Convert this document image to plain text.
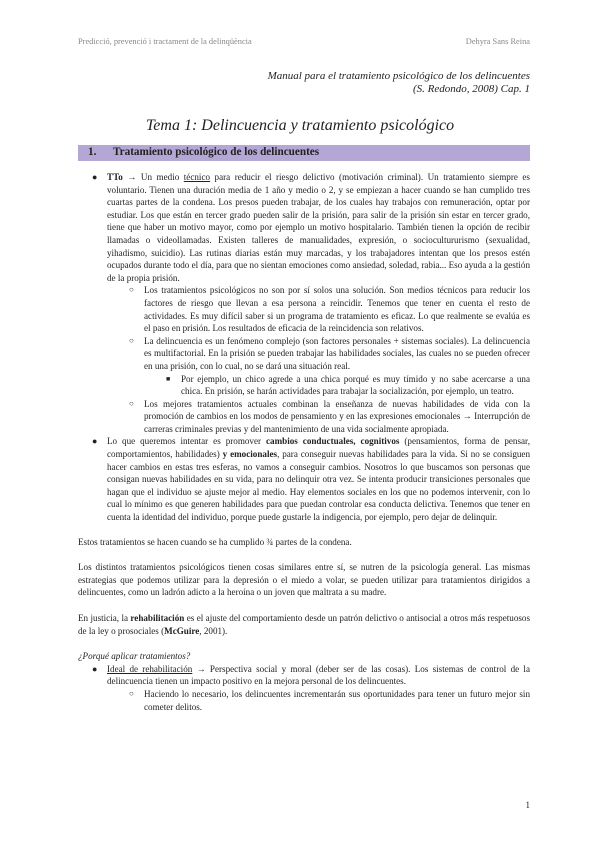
Predicció, prevenció i tractament de la delinqüència	Dehyra Sans Reina
Manual para el tratamiento psicológico de los delincuentes
(S. Redondo, 2008) Cap. 1
Tema 1: Delincuencia y tratamiento psicológico
1. Tratamiento psicológico de los delincuentes
● TTo → Un medio técnico para reducir el riesgo delictivo (motivación criminal). Un tratamiento siempre es voluntario. Tienen una duración media de 1 año y medio o 2, y se empiezan a hacer cuando se han cumplido tres cuartas partes de la condena. Los presos pueden trabajar, de los cuales hay trabajos con remuneración, optar por estudiar. Los que están en tercer grado pueden salir de la prisión, para salir de la prisión sin estar en tercer grado, tiene que haber un motivo mayor, como por ejemplo un motivo hospitalario. También tienen la opción de recibir llamadas o videollamadas. Existen talleres de manualidades, expresión, o sociocultururismo (sexualidad, yihadismo, suicidio). Las rutinas diarias están muy marcadas, y los trabajadores intentan que los presos estén ocupados durante todo el día, para que no sientan emociones como ansiedad, soledad, rabia... Eso ayuda a la gestión de la propia prisión.
○ Los tratamientos psicológicos no son por sí solos una solución. Son medios técnicos para reducir los factores de riesgo que llevan a esa persona a reincidir. Tenemos que tener en cuenta el resto de actividades. Es muy difícil saber si un programa de tratamiento es eficaz. Lo que realmente se evalúa es el paso en prisión. Los resultados de eficacia de la reincidencia son relativos.
○ La delincuencia es un fenómeno complejo (son factores personales + sistemas sociales). La delincuencia es multifactorial. En la prisión se pueden trabajar las habilidades sociales, las cuales no se pueden ofrecer en una prisión, con lo cual, no se dará una situación real.
■ Por ejemplo, un chico agrede a una chica porqué es muy tímido y no sabe acercarse a una chica. En prisión, se harán actividades para trabajar la socialización, por ejemplo, un teatro.
○ Los mejores tratamientos actuales combinan la enseñanza de nuevas habilidades de vida con la promoción de cambios en los modos de pensamiento y en las expresiones emocionales → Interrupción de carreras criminales previas y del mantenimiento de una vida socialmente apropiada.
● Lo que queremos intentar es promover cambios conductuales, cognitivos (pensamientos, forma de pensar, comportamientos, habilidades) y emocionales, para conseguir nuevas habilidades para la vida. Si no se consiguen hacer cambios en estas tres esferas, no vamos a conseguir cambios. Nosotros lo que buscamos son personas que consigan nuevas habilidades en su vida, para no delinquir otra vez. Se intenta producir transiciones personales que hagan que el individuo se ajuste mejor al medio. Hay elementos sociales en los que no podemos intervenir, con lo cual lo mínimo es que generen habilidades para que puedan controlar esa conducta delictiva. Tenemos que tener en cuenta la identidad del individuo, porque puede gustarle la indigencia, por ejemplo, pero dejar de delinquir.

Estos tratamientos se hacen cuando se ha cumplido ¾ partes de la condena.

Los distintos tratamientos psicológicos tienen cosas similares entre sí, se nutren de la psicología general. Las mismas estrategias que podemos utilizar para la depresión o el miedo a volar, se pueden utilizar para tratamientos dirigidos a delincuentes, como un ladrón adicto a la heroína o un joven que maltrata a su madre.

En justicia, la rehabilitación es el ajuste del comportamiento desde un patrón delictivo o antisocial a otros más respetuosos de la ley o prosociales (McGuire, 2001).

¿Porqué aplicar tratamientos?

● Ideal de rehabilitación → Perspectiva social y moral (deber ser de las cosas). Los sistemas de control de la delincuencia tienen un impacto positivo en la mejora personal de los delincuentes.
○ Haciendo lo necesario, los delincuentes incrementarán sus oportunidades para tener un futuro mejor sin cometer delitos.
1
